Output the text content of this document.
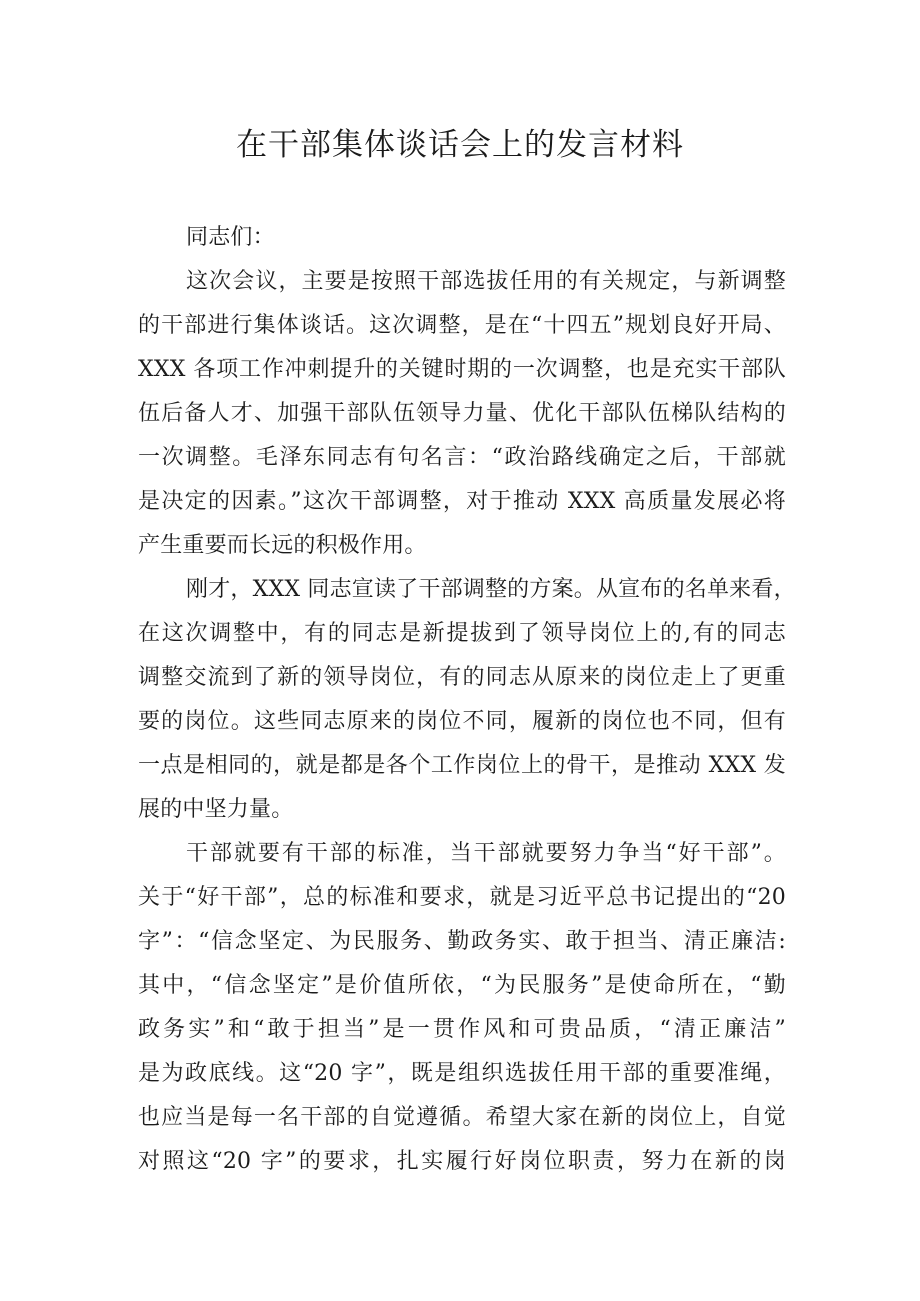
在干部集体谈话会上的发言材料
同志们：
这次会议，主要是按照干部选拔任用的有关规定，与新调整
的干部进行集体谈话。这次调整，是在“十四五”规划良好开局、
XXX 各项工作冲刺提升的关键时期的一次调整，也是充实干部队
伍后备人才、加强干部队伍领导力量、优化干部队伍梯队结构的
一次调整。毛泽东同志有句名言：“政治路线确定之后，干部就
是决定的因素。”这次干部调整，对于推动 XXX 高质量发展必将
产生重要而长远的积极作用。
刚才，XXX 同志宣读了干部调整的方案。从宣布的名单来看，
在这次调整中，有的同志是新提拔到了领导岗位上的,有的同志
调整交流到了新的领导岗位，有的同志从原来的岗位走上了更重
要的岗位。这些同志原来的岗位不同，履新的岗位也不同，但有
一点是相同的，就是都是各个工作岗位上的骨干，是推动 XXX 发
展的中坚力量。
干部就要有干部的标准，当干部就要努力争当“好干部”。
关于“好干部”，总的标准和要求，就是习近平总书记提出的“20
字”：“信念坚定、为民服务、勤政务实、敢于担当、清正廉洁:
其中，“信念坚定”是价值所依，“为民服务”是使命所在，“勤
政务实”和“敢于担当”是一贯作风和可贵品质，“清正廉洁”
是为政底线。这“20 字”，既是组织选拔任用干部的重要准绳，
也应当是每一名干部的自觉遵循。希望大家在新的岗位上，自觉
对照这“20 字”的要求，扎实履行好岗位职责，努力在新的岗
